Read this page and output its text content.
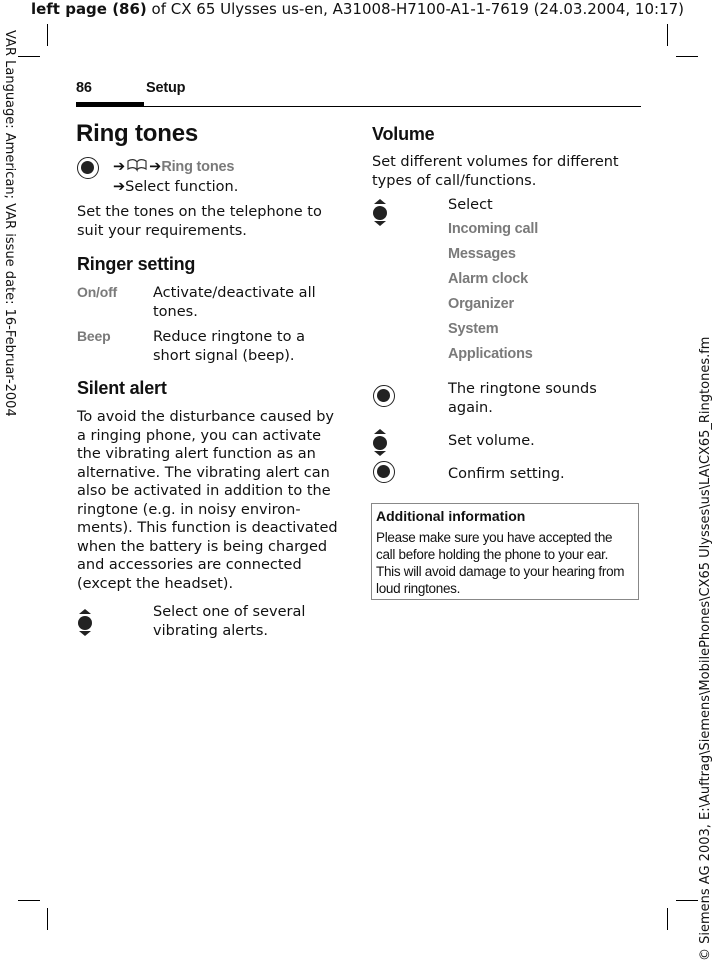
left page (86) of CX 65 Ulysses us-en, A31008-H7100-A1-1-7619 (24.03.2004, 10:17)
VAR Language: American; VAR issue date: 16-Februar-2004
© Siemens AG 2003, E:\Auftrag\Siemens\MobilePhones\CX65 Ulysses\us\LA\CX65_Ringtones.fm
86	Setup
Ring tones
➔ ➔Ring tones
➔Select function.
Set the tones on the telephone to suit your requirements.
Ringer setting
On/off Activate/deactivate all tones.
Beep	Reduce ringtone to a short signal (beep).
Silent alert
To avoid the disturbance caused by a ringing phone, you can activate the vibrating alert function as an alternative. The vibrating alert can also be activated in addition to the ringtone (e.g. in noisy environ-ments). This function is deactivated when the battery is being charged and accessories are connected (except the headset).
Select one of several vibrating alerts.
Volume
Set different volumes for different types of call/functions.
Select
Incoming call
Messages
Alarm clock
Organizer
System
Applications
The ringtone sounds again.
Set volume.
Confirm setting.
Additional information
Please make sure you have accepted the call before holding the phone to your ear. This will avoid damage to your hearing from loud ringtones.
